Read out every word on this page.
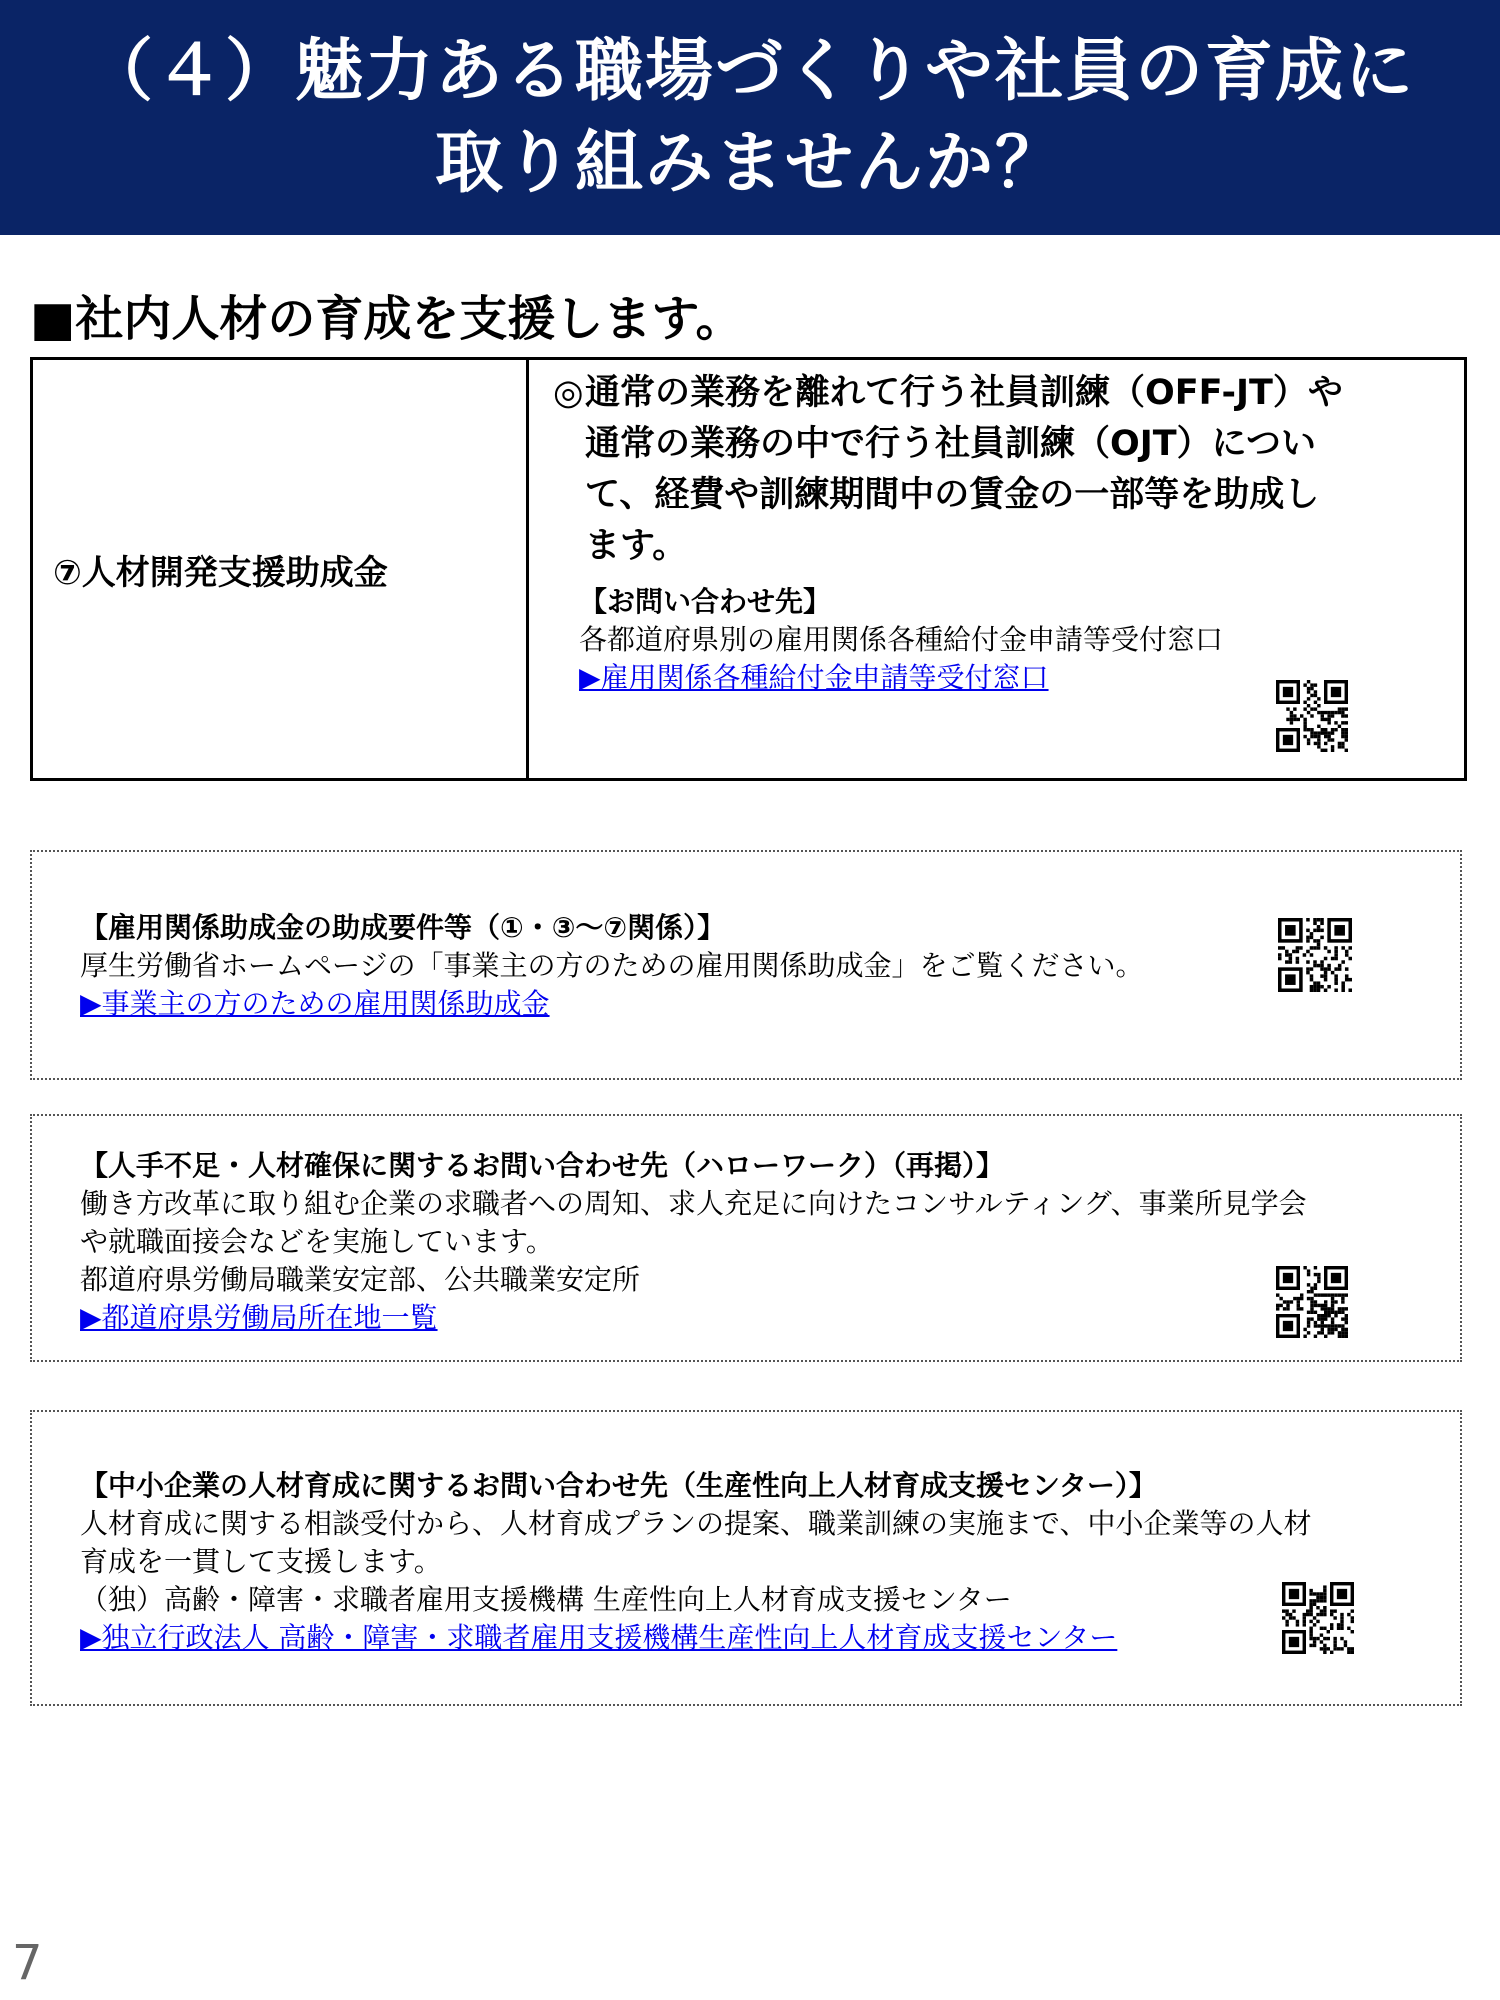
（４）魅力ある職場づくりや社員の育成に
取り組みませんか？
■社内人材の育成を支援します。
⑦人材開発支援助成金
◎通常の業務を離れて行う社員訓練（OFF-JT）や
通常の業務の中で行う社員訓練（OJT）につい
て、経費や訓練期間中の賃金の一部等を助成し
ます。
【お問い合わせ先】
各都道府県別の雇用関係各種給付金申請等受付窓口
▶雇用関係各種給付金申請等受付窓口
【雇用関係助成金の助成要件等（①・③～⑦関係）】
厚生労働省ホームページの「事業主の方のための雇用関係助成金」をご覧ください。
▶事業主の方のための雇用関係助成金
【人手不足・人材確保に関するお問い合わせ先（ハローワーク）（再掲）】
働き方改革に取り組む企業の求職者への周知、求人充足に向けたコンサルティング、事業所見学会
や就職面接会などを実施しています。
都道府県労働局職業安定部、公共職業安定所
▶都道府県労働局所在地一覧
【中小企業の人材育成に関するお問い合わせ先（生産性向上人材育成支援センター）】
人材育成に関する相談受付から、人材育成プランの提案、職業訓練の実施まで、中小企業等の人材
育成を一貫して支援します。
（独）高齢・障害・求職者雇用支援機構 生産性向上人材育成支援センター
▶独立行政法人 高齢・障害・求職者雇用支援機構生産性向上人材育成支援センター
7
